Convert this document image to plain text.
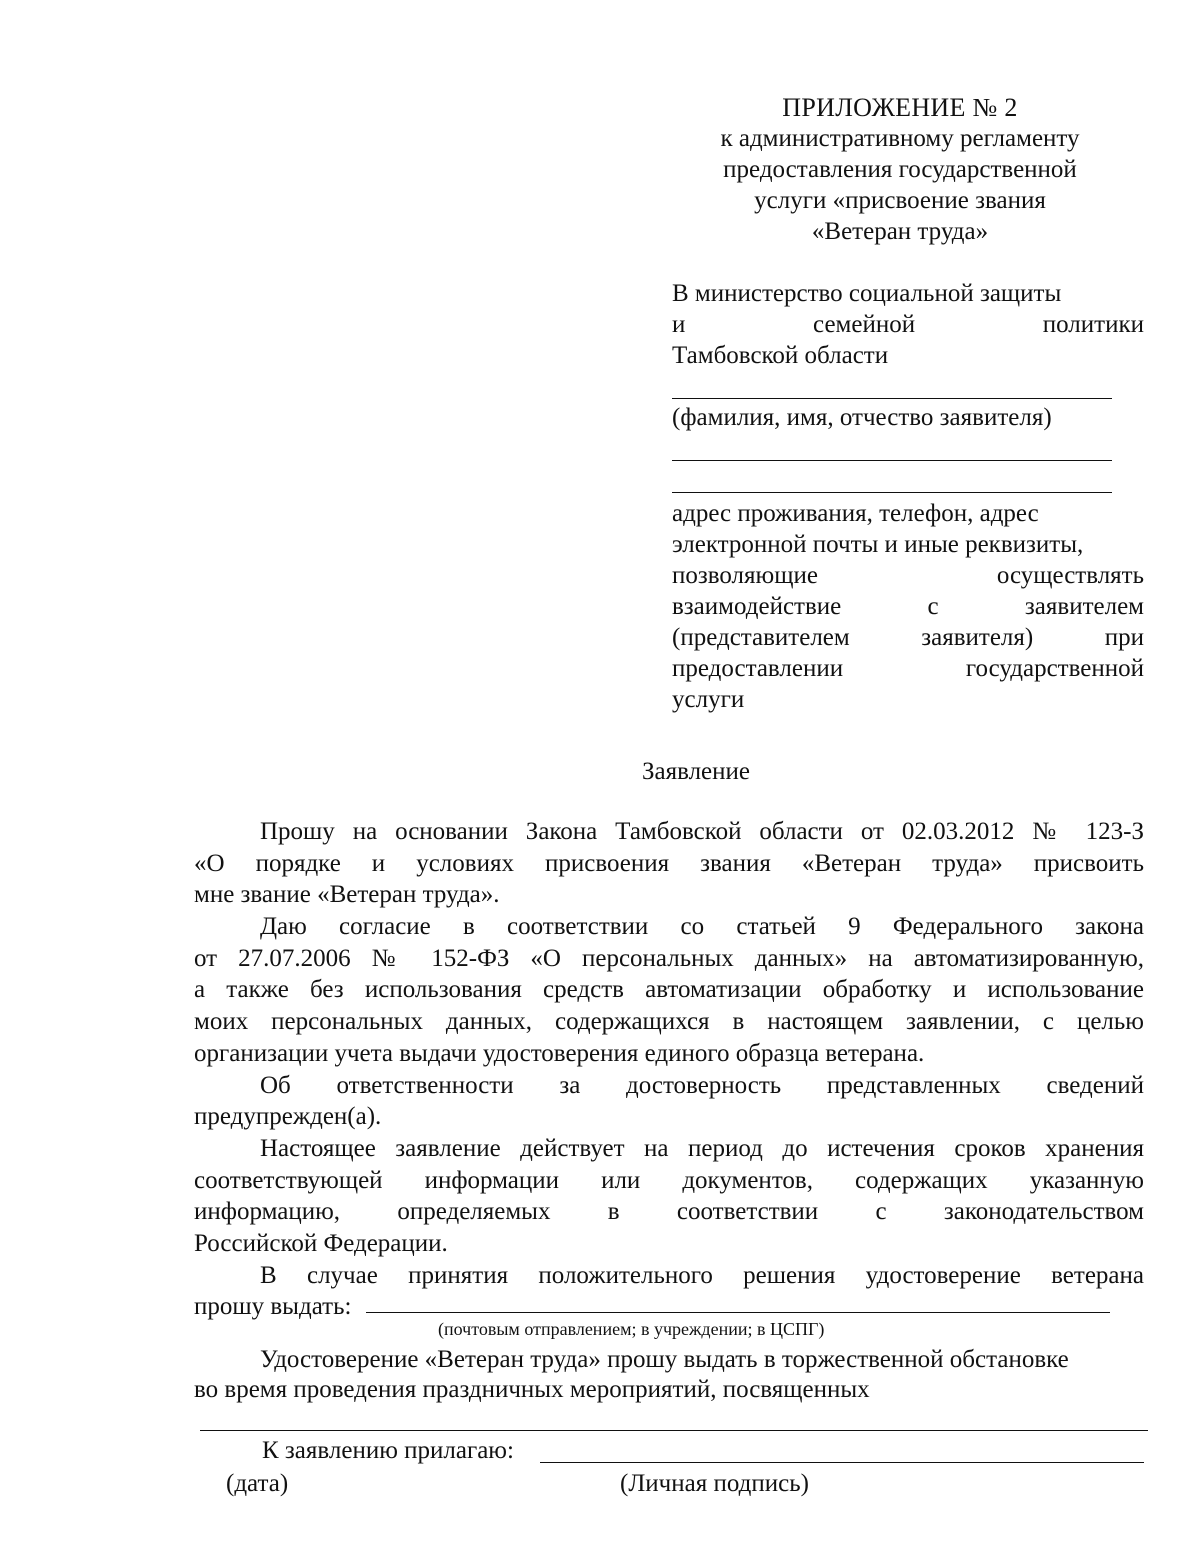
ПРИЛОЖЕНИЕ № 2
к административному регламенту
предоставления государственной
услуги «присвоение звания
«Ветеран труда»
В министерство социальной защиты
и семейной политики
Тамбовской области
(фамилия, имя, отчество заявителя)
адрес проживания, телефон, адрес
электронной почты и иные реквизиты,
позволяющие осуществлять
взаимодействие с заявителем
(представителем заявителя) при
предоставлении государственной
услуги
Заявление
Прошу на основании Закона Тамбовской области от 02.03.2012 № 123-З
«О порядке и условиях присвоения звания «Ветеран труда» присвоить
мне звание «Ветеран труда».
Даю согласие в соответствии со статьей 9 Федерального закона
от 27.07.2006 № 152-ФЗ «О персональных данных» на автоматизированную,
а также без использования средств автоматизации обработку и использование
моих персональных данных, содержащихся в настоящем заявлении, с целью
организации учета выдачи удостоверения единого образца ветерана.
Об ответственности за достоверность представленных сведений
предупрежден(а).
Настоящее заявление действует на период до истечения сроков хранения
соответствующей информации или документов, содержащих указанную
информацию, определяемых в соответствии с законодательством
Российской Федерации.
В случае принятия положительного решения удостоверение ветерана
прошу выдать:
(почтовым отправлением; в учреждении; в ЦСПГ)
Удостоверение «Ветеран труда» прошу выдать в торжественной обстановке
во время проведения праздничных мероприятий, посвященных
К заявлению прилагаю:
(дата)	(Личная подпись)
